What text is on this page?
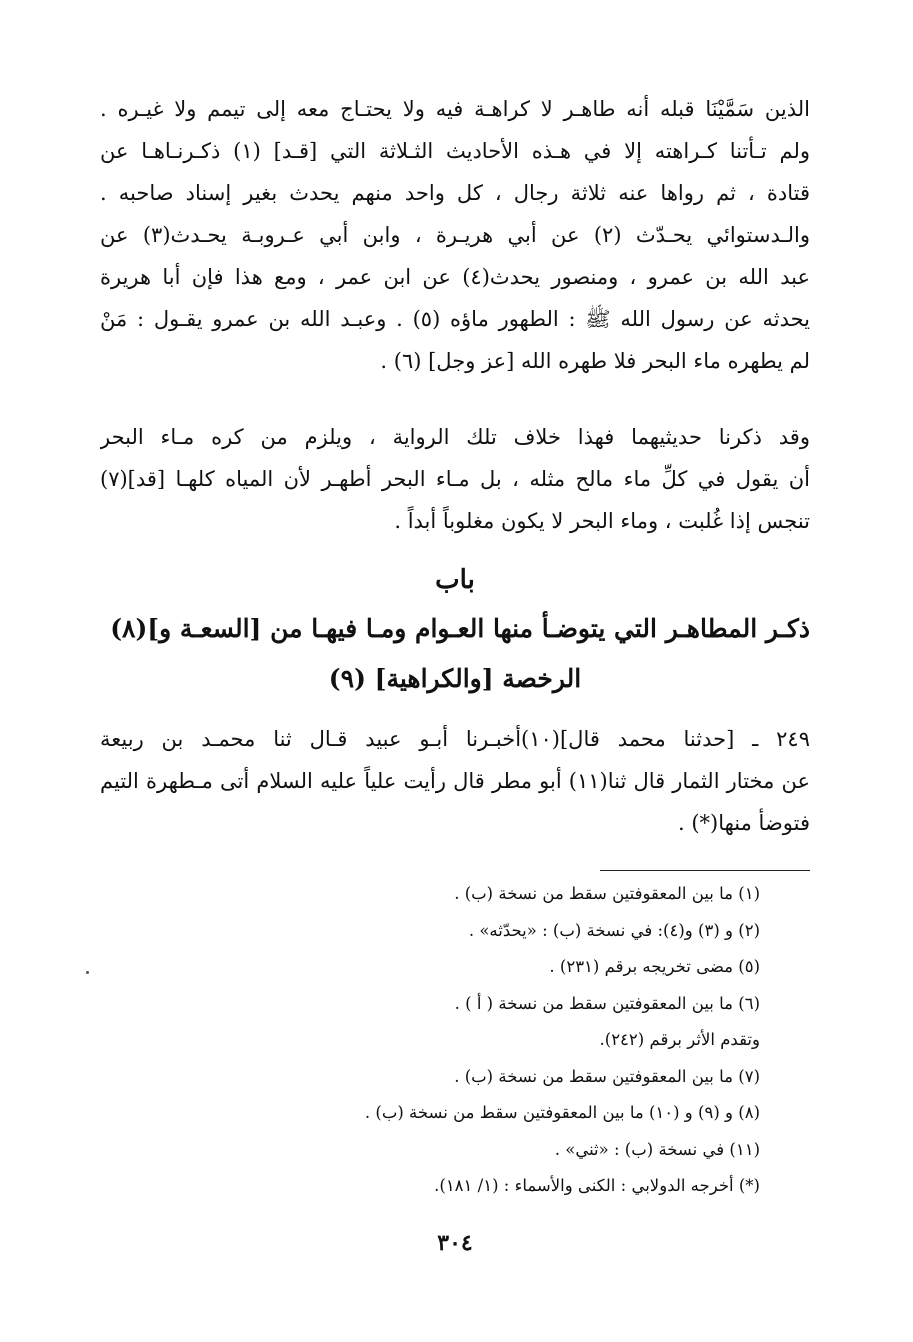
الذين سَمَّيْنَا قبله أنه طاهـر لا كراهـة فيه ولا يحتـاج معه إلى تيمم ولا غيـره .
ولم تـأتنا كـراهته إلا في هـذه الأحاديث الثـلاثة التي [قـد] (١) ذكـرنـاهـا عن
قتادة ، ثم رواها عنه ثلاثة رجال ، كل واحد منهم يحدث بغير إسناد صاحبه .
والـدستوائي يحـدّث (٢) عن أبي هريـرة ، وابن أبي عـروبـة يحـدث(٣) عن
عبد الله بن عمرو ، ومنصور يحدث(٤) عن ابن عمر ، ومع هذا فإن أبا هريرة
يحدثه عن رسول الله ﷺ : الطهور ماؤه (٥) . وعبـد الله بن عمرو يقـول : مَنْ
لم يطهره ماء البحر فلا طهره الله [عز وجل] (٦) .
وقد ذكرنا حديثيهما فهذا خلاف تلك الرواية ، ويلزم من كره مـاء البحر
أن يقول في كلِّ ماء مالح مثله ، بل مـاء البحر أطهـر لأن المياه كلهـا [قد](٧)
تنجس إذا غُلبت ، وماء البحر لا يكون مغلوباً أبداً .
باب
ذكـر المطاهـر التي يتوضـأ منها العـوام ومـا فيهـا من [السعـة و](٨)
الرخصة [والكراهية] (٩)
٢٤٩ ـ [حدثنا محمد قال](١٠)أخبـرنا أبـو عبيد قـال ثنا محمـد بن ربيعة
عن مختار الثمار قال ثنا(١١) أبو مطر قال رأيت علياً عليه السلام أتى مـطهرة التيم
فتوضأ منها(*) .
(١) ما بين المعقوفتين سقط من نسخة (ب) .
(٢) و (٣) و(٤): في نسخة (ب) : «يحدّثه» .
(٥) مضى تخريجه برقم (٢٣١) .
(٦) ما بين المعقوفتين سقط من نسخة ( أ ) .
وتقدم الأثر برقم (٢٤٢).
(٧) ما بين المعقوفتين سقط من نسخة (ب) .
(٨) و (٩) و (١٠) ما بين المعقوفتين سقط من نسخة (ب) .
(١١) في نسخة (ب) : «ثني» .
(*) أخرجه الدولابي : الكنى والأسماء : (١/ ١٨١).
٣٠٤
